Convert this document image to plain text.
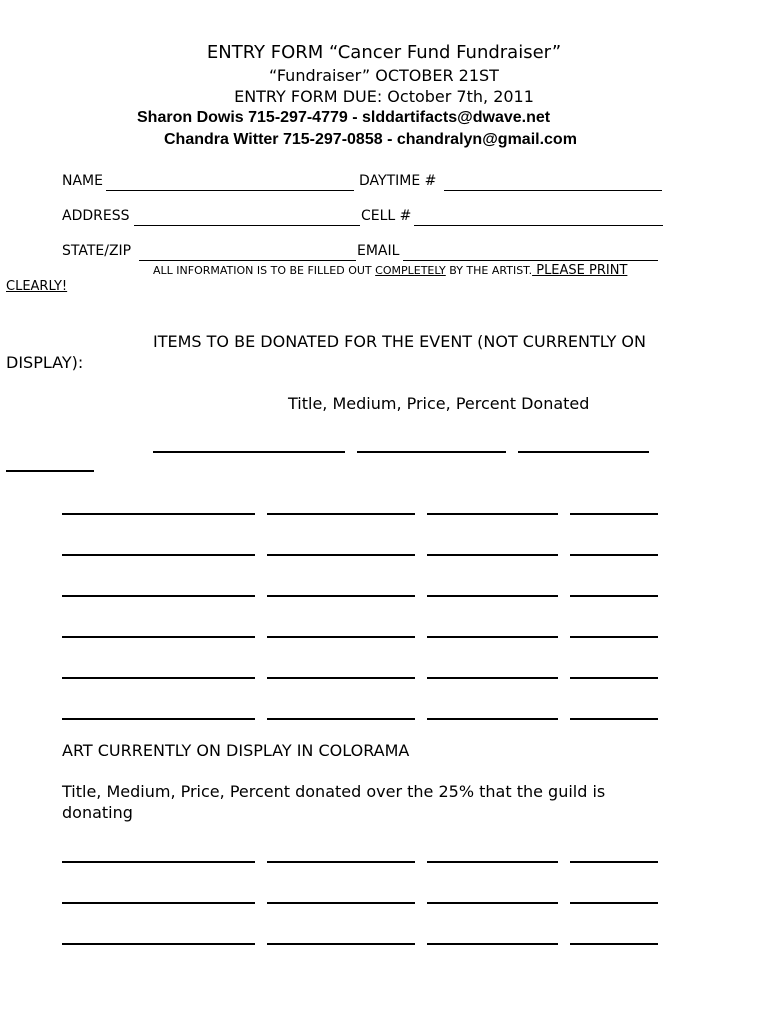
ENTRY FORM “Cancer Fund Fundraiser”
“Fundraiser” OCTOBER 21ST
ENTRY FORM DUE: October 7th, 2011
Sharon Dowis 715-297-4779 - slddartifacts@dwave.net
Chandra Witter 715-297-0858 - chandralyn@gmail.com
NAME	DAYTIME #
ADDRESS	CELL #
STATE/ZIP	EMAIL
ALL INFORMATION IS TO BE FILLED OUT COMPLETELY BY THE ARTIST. PLEASE PRINT
CLEARLY!
ITEMS TO BE DONATED FOR THE EVENT (NOT CURRENTLY ON
DISPLAY):
Title, Medium, Price, Percent Donated
ART CURRENTLY ON DISPLAY IN COLORAMA
Title, Medium, Price, Percent donated over the 25% that the guild is
donating
